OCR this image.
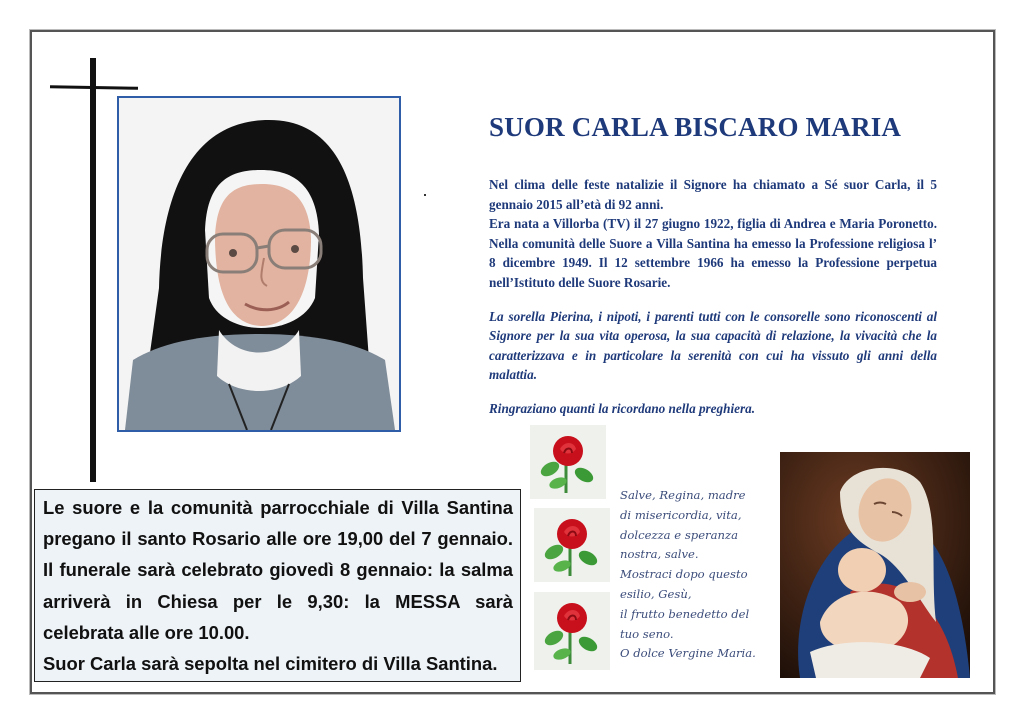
SUOR CARLA BISCARO MARIA

Nel clima delle feste natalizie il Signore ha chiamato a Sé suor Carla, il 5 gennaio 2015 all’età di 92 anni.

Era nata a Villorba (TV) il 27 giugno 1922, figlia di Andrea e Maria Poronetto. Nella comunità delle Suore a Villa Santina ha emesso la Professione religiosa l’ 8 dicembre 1949. Il 12 settembre 1966 ha emesso la Professione perpetua nell’Istituto delle Suore Rosarie.

La sorella Pierina, i nipoti, i parenti tutti con le consorelle sono riconoscenti al Signore per la sua vita operosa, la sua capacità di relazione, la vivacità che la caratterizzava e in particolare la serenità con cui ha vissuto gli anni della malattia.

Ringraziano quanti la ricordano nella preghiera.

Le suore e la comunità parrocchiale di Villa Santina pregano il santo Rosario alle ore 19,00 del 7 gennaio. Il funerale sarà celebrato giovedì 8 gennaio: la salma arriverà in Chiesa per le 9,30: la MESSA sarà celebrata alle ore 10.00.
Suor Carla sarà sepolta nel cimitero di Villa Santina.
Salve, Regina, madre
di misericordia, vita,
dolcezza e speranza
nostra, salve.
Mostraci dopo questo
esilio, Gesù,
il frutto benedetto del
tuo seno.
O dolce Vergine Maria.
